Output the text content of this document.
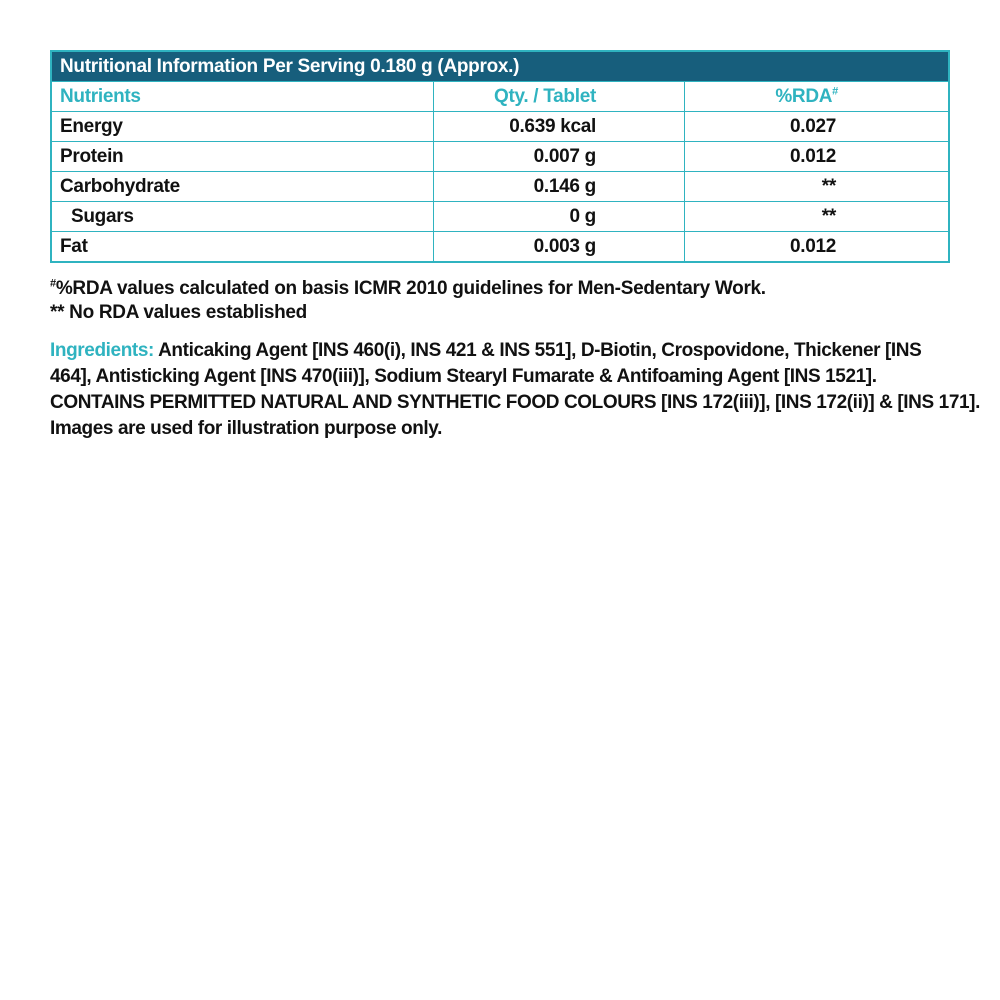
Nutritional Information Per Serving 0.180 g (Approx.)
Nutrients	Qty. / Tablet	%RDA#
Energy	0.639 kcal	0.027
Protein	0.007 g	0.012
Carbohydrate	0.146 g	**
Sugars	0 g	**
Fat	0.003 g	0.012
#%RDA values calculated on basis ICMR 2010 guidelines for Men-Sedentary Work.
** No RDA values established
Ingredients: Anticaking Agent [INS 460(i), INS 421 & INS 551], D-Biotin, Crospovidone, Thickener [INS
464], Antisticking Agent [INS 470(iii)], Sodium Stearyl Fumarate & Antifoaming Agent [INS 1521].
CONTAINS PERMITTED NATURAL AND SYNTHETIC FOOD COLOURS [INS 172(iii)], [INS 172(ii)] & [INS 171].
Images are used for illustration purpose only.
